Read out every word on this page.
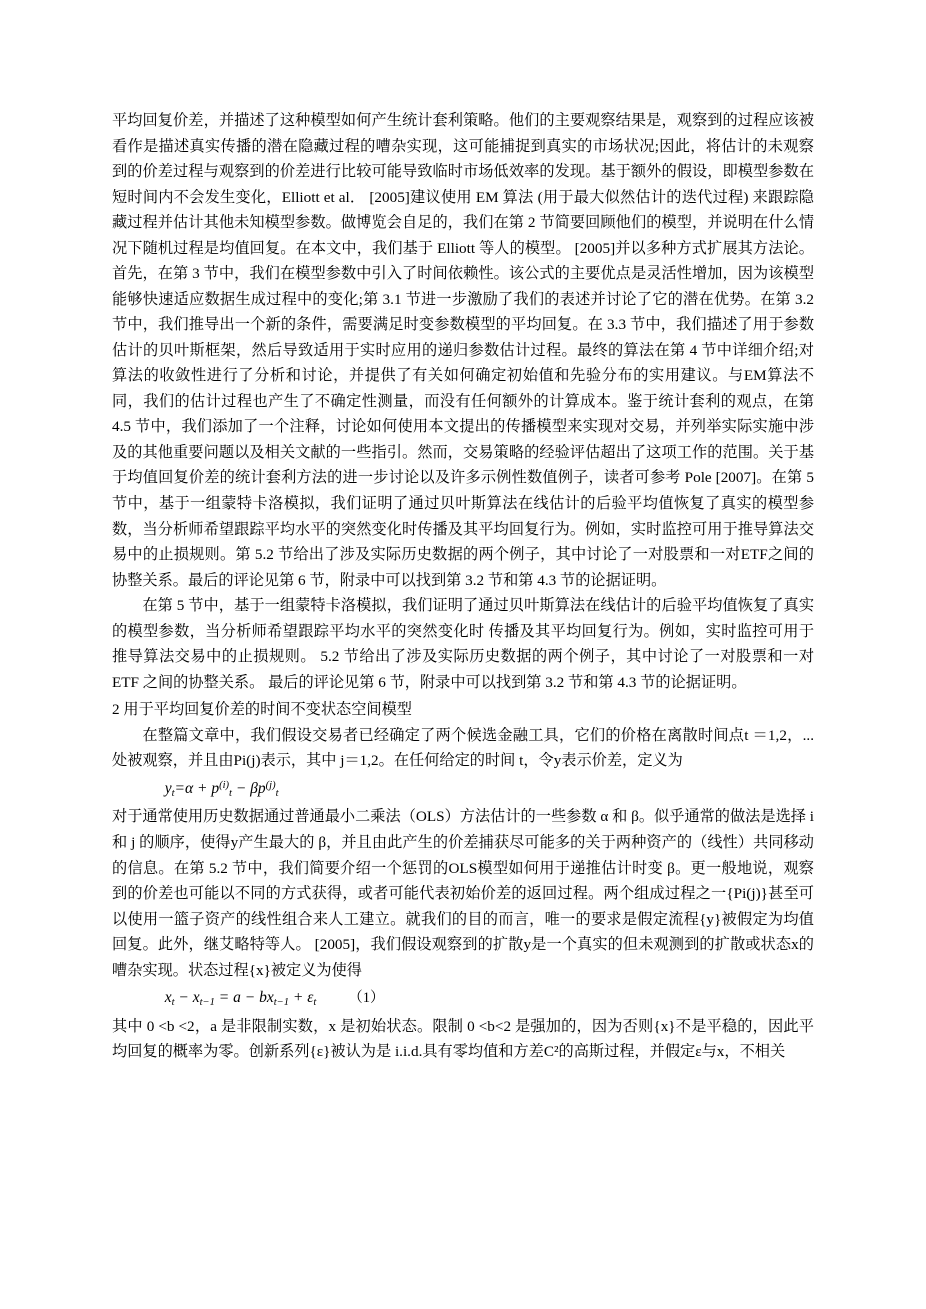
平均回复价差，并描述了这种模型如何产生统计套利策略。他们的主要观察结果是，观察到的过程应该被看作是描述真实传播的潜在隐藏过程的嘈杂实现，这可能捕捉到真实的市场状况;因此，将估计的未观察到的价差过程与观察到的价差进行比较可能导致临时市场低效率的发现。基于额外的假设，即模型参数在短时间内不会发生变化，Elliott et al． [2005]建议使用 EM 算法 (用于最大似然估计的迭代过程) 来跟踪隐藏过程并估计其他未知模型参数。做博览会自足的，我们在第 2 节简要回顾他们的模型，并说明在什么情况下随机过程是均值回复。在本文中，我们基于 Elliott 等人的模型。 [2005]并以多种方式扩展其方法论。首先，在第 3 节中，我们在模型参数中引入了时间依赖性。该公式的主要优点是灵活性增加，因为该模型能够快速适应数据生成过程中的变化;第 3.1 节进一步激励了我们的表述并讨论了它的潜在优势。在第 3.2 节中，我们推导出一个新的条件，需要满足时变参数模型的平均回复。在 3.3 节中，我们描述了用于参数估计的贝叶斯框架，然后导致适用于实时应用的递归参数估计过程。最终的算法在第 4 节中详细介绍;对算法的收敛性进行了分析和讨论，并提供了有关如何确定初始值和先验分布的实用建议。与EM算法不同，我们的估计过程也产生了不确定性测量，而没有任何额外的计算成本。鉴于统计套利的观点，在第 4.5 节中，我们添加了一个注释，讨论如何使用本文提出的传播模型来实现对交易，并列举实际实施中涉及的其他重要问题以及相关文献的一些指引。然而，交易策略的经验评估超出了这项工作的范围。关于基于均值回复价差的统计套利方法的进一步讨论以及许多示例性数值例子，读者可参考 Pole [2007]。在第 5 节中，基于一组蒙特卡洛模拟，我们证明了通过贝叶斯算法在线估计的后验平均值恢复了真实的模型参数，当分析师希望跟踪平均水平的突然变化时传播及其平均回复行为。例如，实时监控可用于推导算法交易中的止损规则。第 5.2 节给出了涉及实际历史数据的两个例子，其中讨论了一对股票和一对ETF之间的协整关系。最后的评论见第 6 节，附录中可以找到第 3.2 节和第 4.3 节的论据证明。

在第 5 节中，基于一组蒙特卡洛模拟，我们证明了通过贝叶斯算法在线估计的后验平均值恢复了真实的模型参数，当分析师希望跟踪平均水平的突然变化时 传播及其平均回复行为。例如，实时监控可用于推导算法交易中的止损规则。 5.2 节给出了涉及实际历史数据的两个例子，其中讨论了一对股票和一对 ETF 之间的协整关系。 最后的评论见第 6 节，附录中可以找到第 3.2 节和第 4.3 节的论据证明。

2 用于平均回复价差的时间不变状态空间模型

在整篇文章中，我们假设交易者已经确定了两个候选金融工具，它们的价格在离散时间点t ＝1,2，...处被观察，并且由Pi(j)表示，其中 j＝1,2。在任何给定的时间 t，令y表示价差，定义为

$y_t=\alpha + p^{(i)}_t - \beta p^{(j)}_t$

对于通常使用历史数据通过普通最小二乘法（OLS）方法估计的一些参数 α 和 β。似乎通常的做法是选择 i 和 j 的顺序，使得y产生最大的 β，并且由此产生的价差捕获尽可能多的关于两种资产的（线性）共同移动的信息。在第 5.2 节中，我们简要介绍一个惩罚的OLS模型如何用于递推估计时变 β。更一般地说，观察到的价差也可能以不同的方式获得，或者可能代表初始价差的返回过程。两个组成过程之一{Pi(j)}甚至可以使用一篮子资产的线性组合来人工建立。就我们的目的而言，唯一的要求是假定流程{y}被假定为均值回复。此外，继艾略特等人。 [2005]，我们假设观察到的扩散y是一个真实的但未观测到的扩散或状态x的嘈杂实现。状态过程{x}被定义为使得

$x_t - x_{t-1} = a - bx_{t-1} + \varepsilon_t$ （1）

其中 0 <b <2，a 是非限制实数，x 是初始状态。限制 0 <b<2 是强加的，因为否则{x}不是平稳的，因此平均回复的概率为零。创新系列{ε}被认为是 i.i.d.具有零均值和方差C²的高斯过程，并假定ε与x，不相关
